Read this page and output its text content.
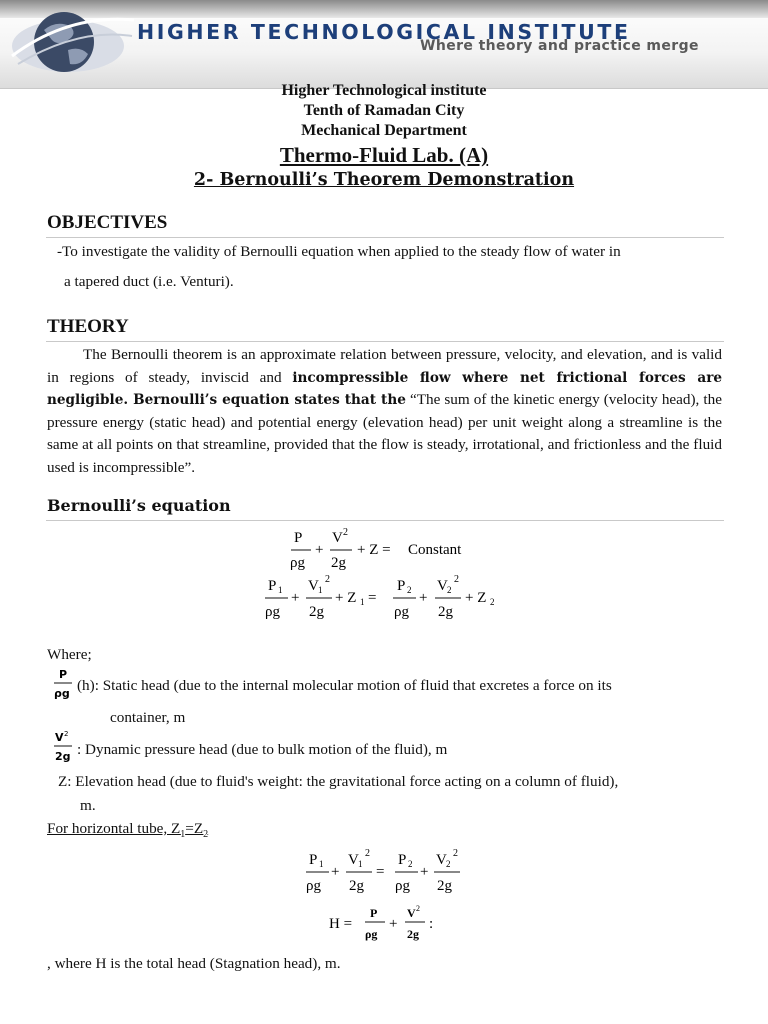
HIGHER TECHNOLOGICAL INSTITUTE
Where theory and practice merge
Higher Technological institute
Tenth of Ramadan City
Mechanical Department
Thermo-Fluid Lab. (A)
2- Bernoulli’s Theorem Demonstration
OBJECTIVES
-To investigate the validity of Bernoulli equation when applied to the steady flow of water in
a tapered duct (i.e. Venturi).
THEORY
The Bernoulli theorem is an approximate relation between pressure, velocity, and elevation, and is valid in regions of steady, inviscid and incompressible flow where net frictional forces are negligible. Bernoulli’s equation states that the “The sum of the kinetic energy (velocity head), the pressure energy (static head) and potential energy (elevation head) per unit weight along a streamline is the same at all points on that streamline, provided that the flow is steady, irrotational, and frictionless and the fluid used is incompressible”.
Bernoulli’s equation
P
ρg
+
V 2
2g
+ Z = Constant
P 1
ρg
+
V 1
2
2g
+ Z 1 =
P 2
ρg
+
V 2
2
2g
+ Z 2
Where;
P
ρg (h): Static head (due to the internal molecular motion of fluid that excretes a force on its
container, m
V 2
2g : Dynamic pressure head (due to bulk motion of the fluid), m
Z: Elevation head (due to fluid's weight: the gravitational force acting on a column of fluid),
m.
For horizontal tube, $Z_1=Z_2$
P 1
ρg
+
V 1
2
2g
=
P 2
ρg
+
V 2
2
2g
H =
P
ρg
+
V 2
2g
:
, where H is the total head (Stagnation head), m.
